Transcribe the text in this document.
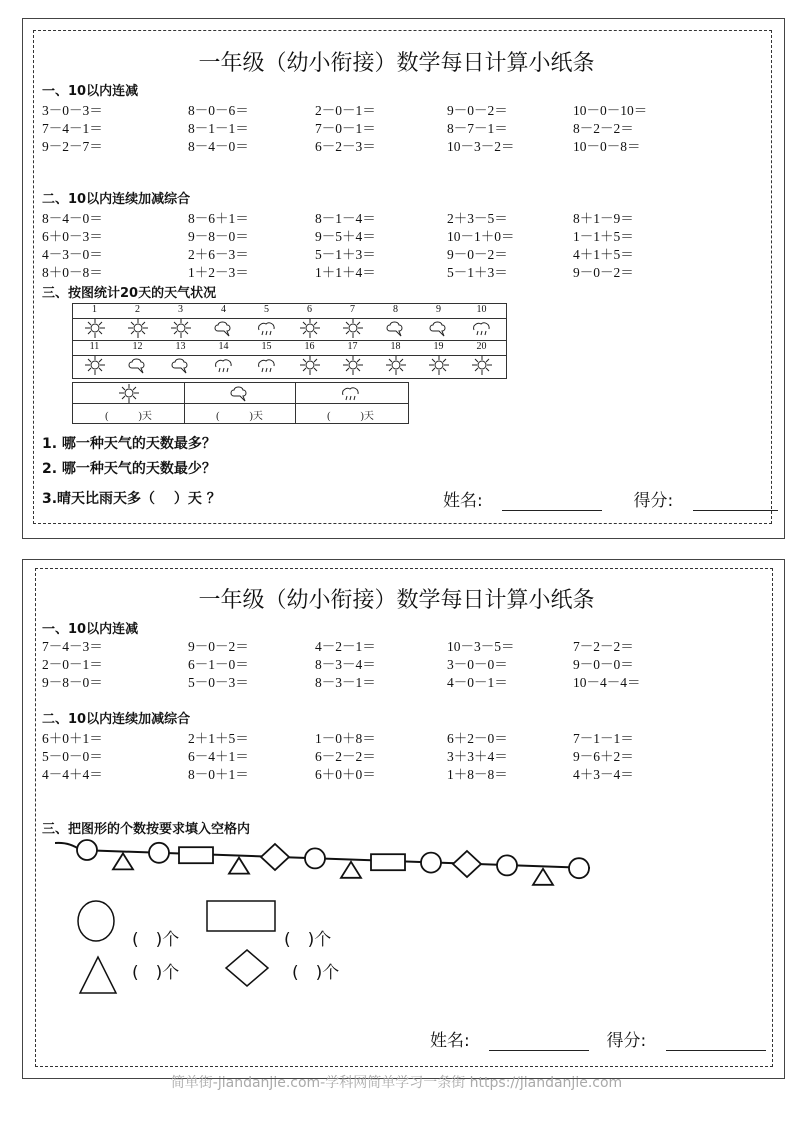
一年级（幼小衔接）数学每日计算小纸条
一、10以内连减
3－0－3＝	8－0－6＝	2－0－1＝	9－0－2＝	10－0－10＝
7－4－1＝	8－1－1＝	7－0－1＝	8－7－1＝	8－2－2＝
9－2－7＝	8－4－0＝	6－2－3＝	10－3－2＝	10－0－8＝
二、10以内连续加减综合
8－4－0＝	8－6＋1＝	8－1－4＝	2＋3－5＝	8＋1－9＝
6＋0－3＝	9－8－0＝	9－5＋4＝	10－1＋0＝	1－1＋5＝
4－3－0＝	2＋6－3＝	5－1＋3＝	9－0－2＝	4＋1＋5＝
8＋0－8＝	1＋2－3＝	1＋1＋4＝	5－1＋3＝	9－0－2＝
三、按图统计20天的天气状况
1	2	3	4	5	6	7	8	9	10
11	12	13	14	15	16	17	18	19	20
(　　　)天	(　　　)天	(　　　)天
1. 哪一种天气的天数最多？
2. 哪一种天气的天数最少？
3.晴天比雨天多（　 ）天 ？	姓名:	得分:
一年级（幼小衔接）数学每日计算小纸条
一、10以内连减
7－4－3＝	9－0－2＝	4－2－1＝	10－3－5＝	7－2－2＝
2－0－1＝	6－1－0＝	8－3－4＝	3－0－0＝	9－0－0＝
9－8－0＝	5－0－3＝	8－3－1＝	4－0－1＝	10－4－4＝
二、10以内连续加减综合
6＋0＋1＝	2＋1＋5＝	1－0＋8＝	6＋2－0＝	7－1－1＝
5－0－0＝	6－4＋1＝	6－2－2＝	3＋3＋4＝	9－6＋2＝
4－4＋4＝	8－0＋1＝	6＋0＋0＝	1＋8－8＝	4＋3－4＝
三、把图形的个数按要求填入空格内
(　)个	(　)个
(　)个	(　)个
姓名:	得分:
简单街-jiandanjie.com-学科网简单学习一条街 https://jiandanjie.com
